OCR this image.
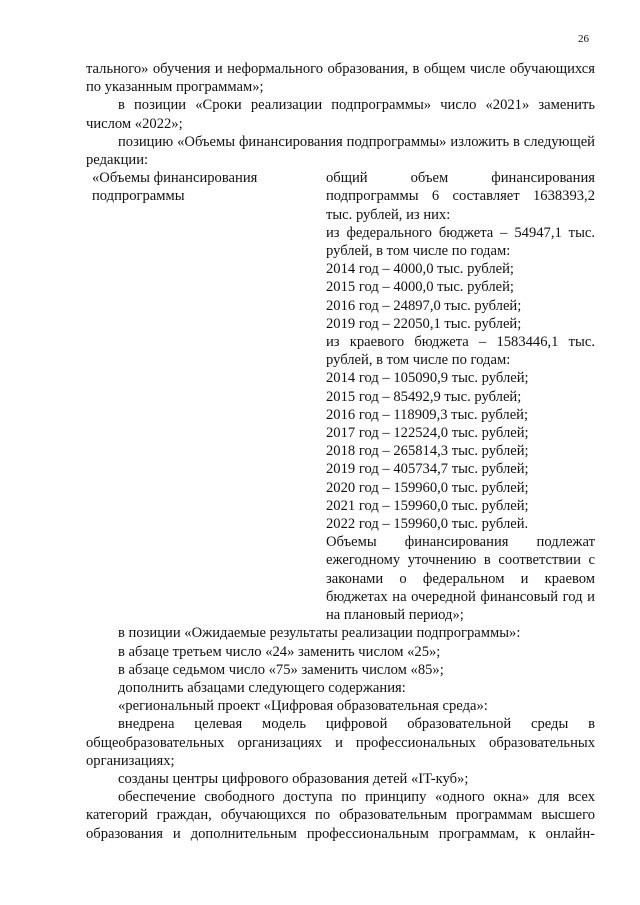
26

тального» обучения и неформального образования, в общем числе обучающихся по указанным программам»;

в позиции «Сроки реализации подпрограммы» число «2021» заменить числом «2022»;

позицию «Объемы финансирования подпрограммы» изложить в следующей редакции:

«Объемы финансирования подпрограммы

общий объем финансирования подпрограммы 6 составляет 1638393,2 тыс. рублей, из них:

из федерального бюджета – 54947,1 тыс. рублей, в том числе по годам:

2014 год – 4000,0 тыс. рублей;
2015 год – 4000,0 тыс. рублей;
2016 год – 24897,0 тыс. рублей;
2019 год – 22050,1 тыс. рублей;

из краевого бюджета – 1583446,1 тыс. рублей, в том числе по годам:

2014 год – 105090,9 тыс. рублей;
2015 год – 85492,9 тыс. рублей;
2016 год – 118909,3 тыс. рублей;
2017 год – 122524,0 тыс. рублей;
2018 год – 265814,3 тыс. рублей;
2019 год – 405734,7 тыс. рублей;
2020 год – 159960,0 тыс. рублей;
2021 год – 159960,0 тыс. рублей;
2022 год – 159960,0 тыс. рублей.

Объемы финансирования подлежат ежегодному уточнению в соответствии с законами о федеральном и краевом бюджетах на очередной финансовый год и на плановый период»;

в позиции «Ожидаемые результаты реализации подпрограммы»:

в абзаце третьем число «24» заменить числом «25»;

в абзаце седьмом число «75» заменить числом «85»;

дополнить абзацами следующего содержания:

«региональный проект «Цифровая образовательная среда»:

внедрена целевая модель цифровой образовательной среды в общеобразовательных организациях и профессиональных образовательных организациях;

созданы центры цифрового образования детей «IT-куб»;

обеспечение свободного доступа по принципу «одного окна» для всех категорий граждан, обучающихся по образовательным программам высшего образования и дополнительным профессиональным программам, к онлайн-
